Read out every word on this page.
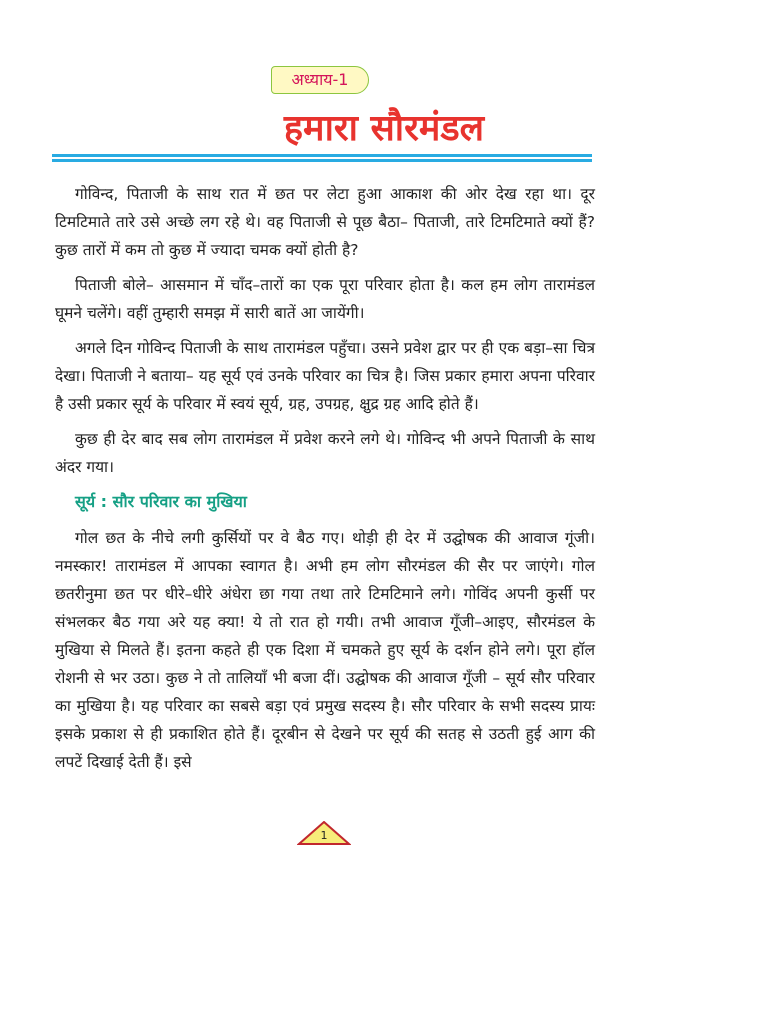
अध्याय-1
हमारा सौरमंडल

गोविन्द, पिताजी के साथ रात में छत पर लेटा हुआ आकाश की ओर देख रहा था। दूर टिमटिमाते तारे उसे अच्छे लग रहे थे। वह पिताजी से पूछ बैठा– पिताजी, तारे टिमटिमाते क्यों हैं? कुछ तारों में कम तो कुछ में ज्यादा चमक क्यों होती है?

पिताजी बोले– आसमान में चाँद–तारों का एक पूरा परिवार होता है। कल हम लोग तारामंडल घूमने चलेंगे। वहीं तुम्हारी समझ में सारी बातें आ जायेंगी।

अगले दिन गोविन्द पिताजी के साथ तारामंडल पहुँचा। उसने प्रवेश द्वार पर ही एक बड़ा–सा चित्र देखा। पिताजी ने बताया– यह सूर्य एवं उनके परिवार का चित्र है। जिस प्रकार हमारा अपना परिवार है उसी प्रकार सूर्य के परिवार में स्वयं सूर्य, ग्रह, उपग्रह, क्षुद्र ग्रह आदि होते हैं।

कुछ ही देर बाद सब लोग तारामंडल में प्रवेश करने लगे थे। गोविन्द भी अपने पिताजी के साथ अंदर गया।

सूर्य : सौर परिवार का मुखिया

गोल छत के नीचे लगी कुर्सियों पर वे बैठ गए। थोड़ी ही देर में उद्घोषक की आवाज गूंजी। नमस्कार! तारामंडल में आपका स्वागत है। अभी हम लोग सौरमंडल की सैर पर जाएंगे। गोल छतरीनुमा छत पर धीरे–धीरे अंधेरा छा गया तथा तारे टिमटिमाने लगे। गोविंद अपनी कुर्सी पर संभलकर बैठ गया अरे यह क्या! ये तो रात हो गयी। तभी आवाज गूँजी–आइए, सौरमंडल के मुखिया से मिलते हैं। इतना कहते ही एक दिशा में चमकते हुए सूर्य के दर्शन होने लगे। पूरा हॉल रोशनी से भर उठा। कुछ ने तो तालियाँ भी बजा दीं। उद्घोषक की आवाज गूँजी – सूर्य सौर परिवार का मुखिया है। यह परिवार का सबसे बड़ा एवं प्रमुख सदस्य है। सौर परिवार के सभी सदस्य प्रायः इसके प्रकाश से ही प्रकाशित होते हैं। दूरबीन से देखने पर सूर्य की सतह से उठती हुई आग की लपटें दिखाई देती हैं। इसे

1
